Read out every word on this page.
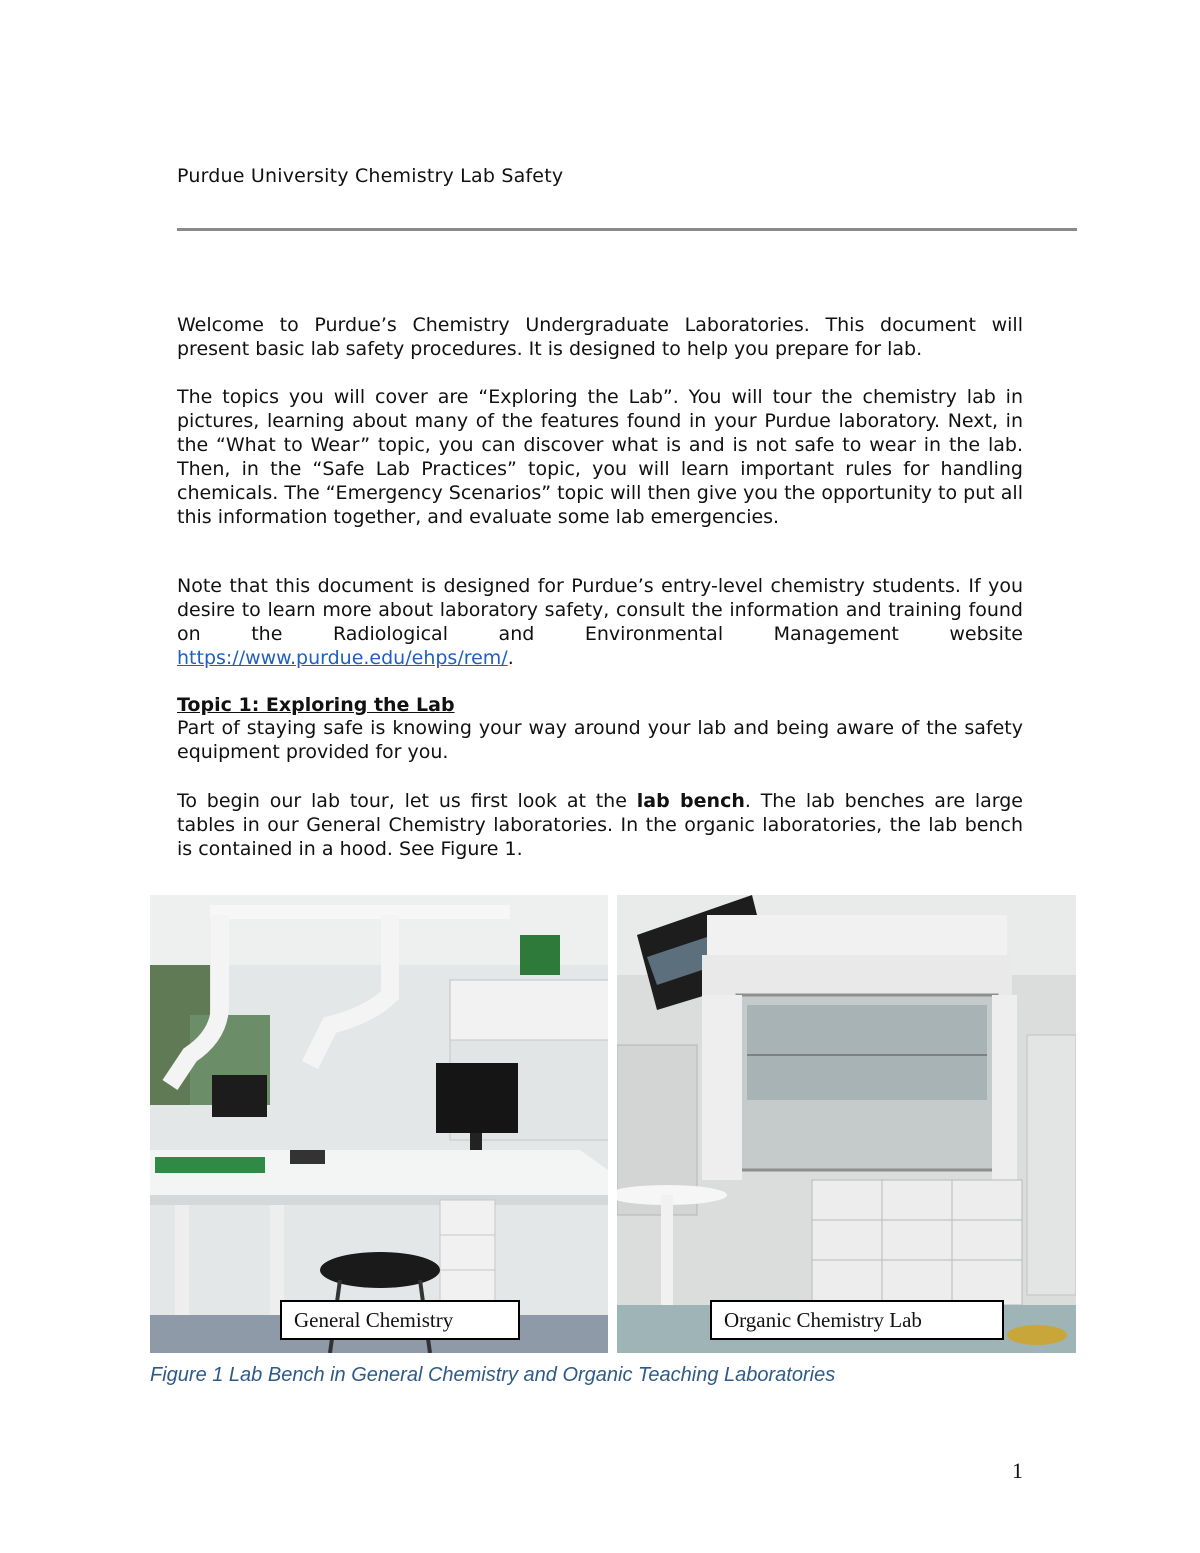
Purdue University Chemistry Lab Safety

Welcome to Purdue’s Chemistry Undergraduate Laboratories. This document will present basic lab safety procedures. It is designed to help you prepare for lab.

The topics you will cover are “Exploring the Lab”. You will tour the chemistry lab in pictures, learning about many of the features found in your Purdue laboratory. Next, in the “What to Wear” topic, you can discover what is and is not safe to wear in the lab. Then, in the “Safe Lab Practices” topic, you will learn important rules for handling chemicals. The “Emergency Scenarios” topic will then give you the opportunity to put all this information together, and evaluate some lab emergencies.

Note that this document is designed for Purdue’s entry-level chemistry students. If you desire to learn more about laboratory safety, consult the information and training found on the Radiological and Environmental Management website https://www.purdue.edu/ehps/rem/.

Topic 1: Exploring the Lab

Part of staying safe is knowing your way around your lab and being aware of the safety equipment provided for you.

To begin our lab tour, let us first look at the lab bench. The lab benches are large tables in our General Chemistry laboratories. In the organic laboratories, the lab bench is contained in a hood. See Figure 1.

General Chemistry	Organic Chemistry Lab
Figure 1 Lab Bench in General Chemistry and Organic Teaching Laboratories
1
